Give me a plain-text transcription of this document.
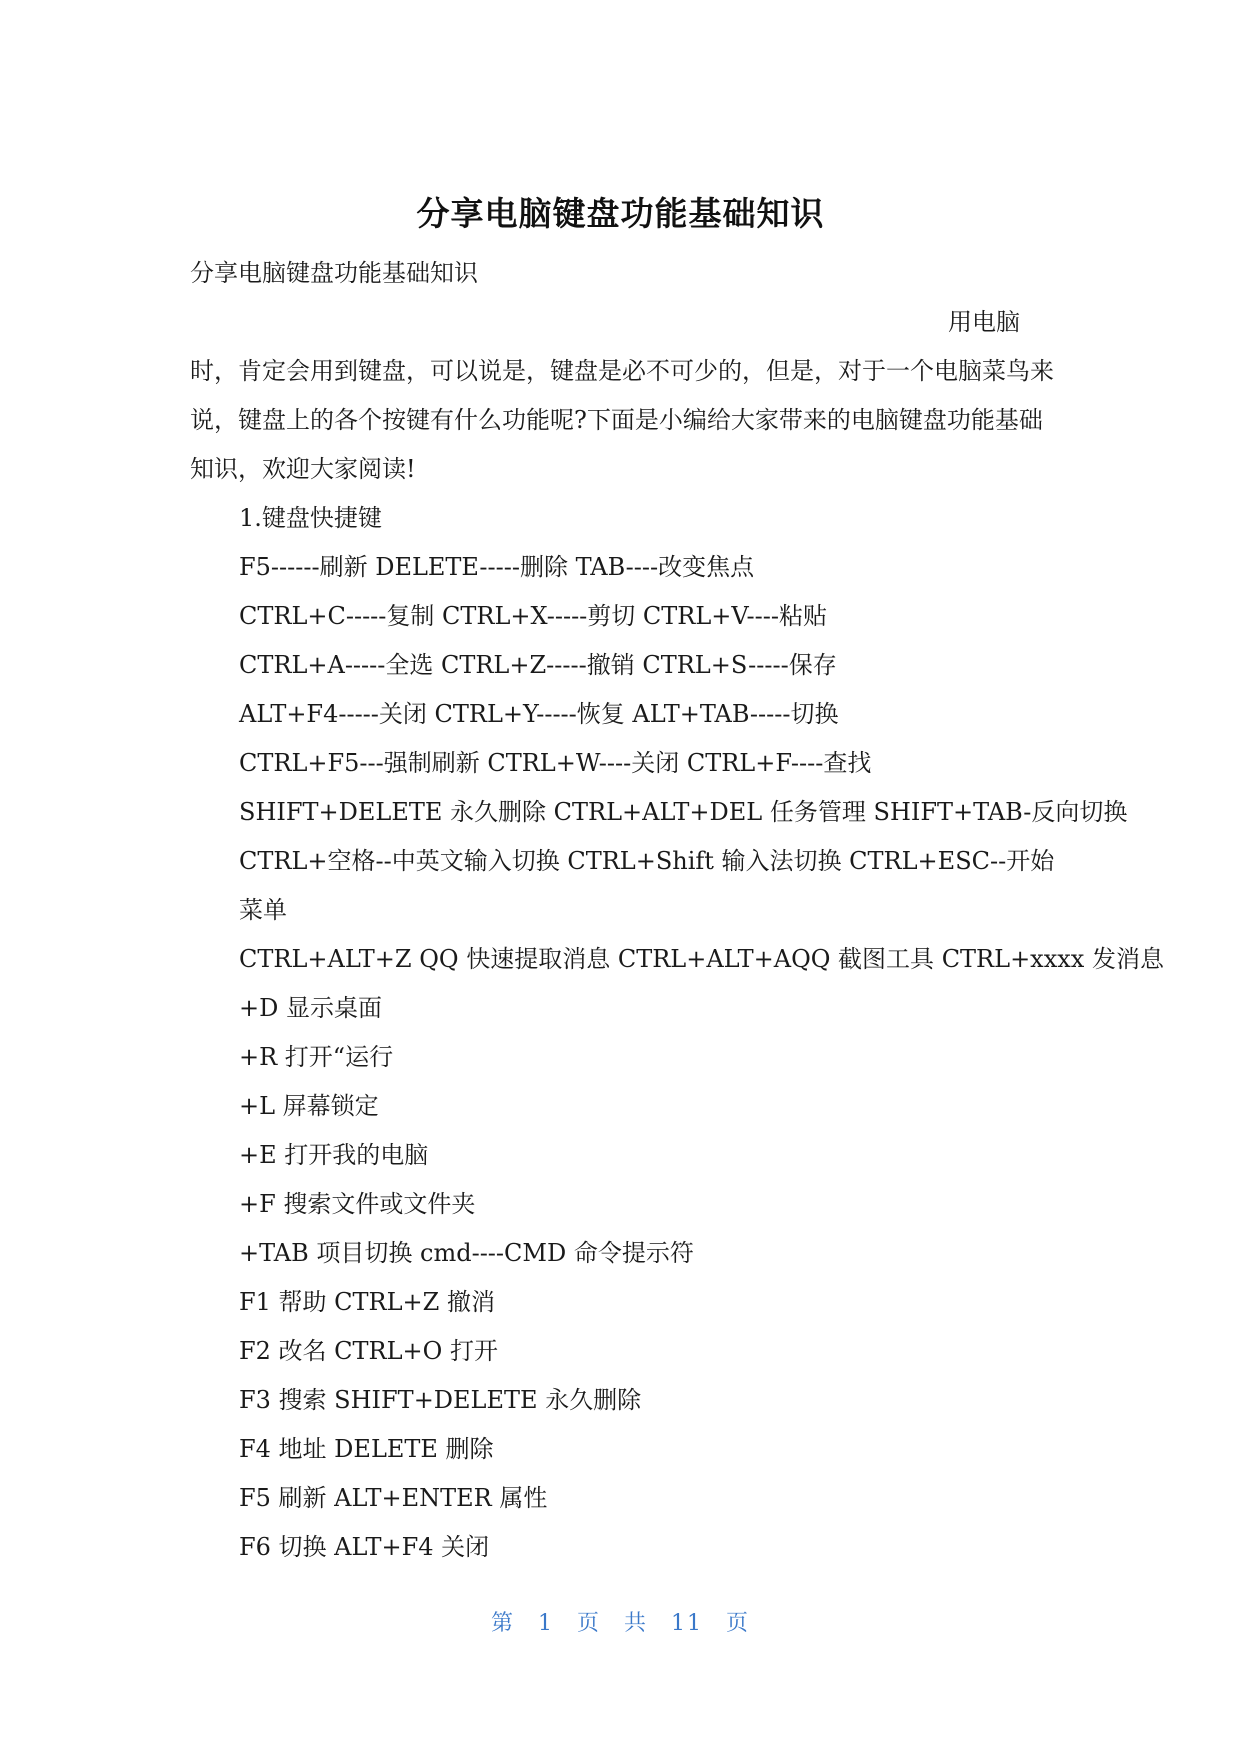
分享电脑键盘功能基础知识
分享电脑键盘功能基础知识
用电脑
时，肯定会用到键盘，可以说是，键盘是必不可少的，但是，对于一个电脑菜鸟来说，键盘上的各个按键有什么功能呢?下面是小编给大家带来的电脑键盘功能基础知识，欢迎大家阅读!
1.键盘快捷键
F5------刷新 DELETE-----删除 TAB----改变焦点
CTRL+C-----复制 CTRL+X-----剪切 CTRL+V----粘贴
CTRL+A-----全选 CTRL+Z-----撤销 CTRL+S-----保存
ALT+F4-----关闭 CTRL+Y-----恢复 ALT+TAB-----切换
CTRL+F5---强制刷新 CTRL+W----关闭 CTRL+F----查找
SHIFT+DELETE 永久删除 CTRL+ALT+DEL 任务管理 SHIFT+TAB-反向切换
CTRL+空格--中英文输入切换 CTRL+Shift 输入法切换 CTRL+ESC--开始菜单
CTRL+ALT+Z QQ 快速提取消息 CTRL+ALT+AQQ 截图工具 CTRL+xxxx 发消息
+D 显示桌面
+R 打开“运行
+L 屏幕锁定
+E 打开我的电脑
+F 搜索文件或文件夹
+TAB 项目切换 cmd----CMD 命令提示符
F1 帮助 CTRL+Z 撤消
F2 改名 CTRL+O 打开
F3 搜索 SHIFT+DELETE 永久删除
F4 地址 DELETE 删除
F5 刷新 ALT+ENTER 属性
F6 切换 ALT+F4 关闭
第 1 页 共 11 页
